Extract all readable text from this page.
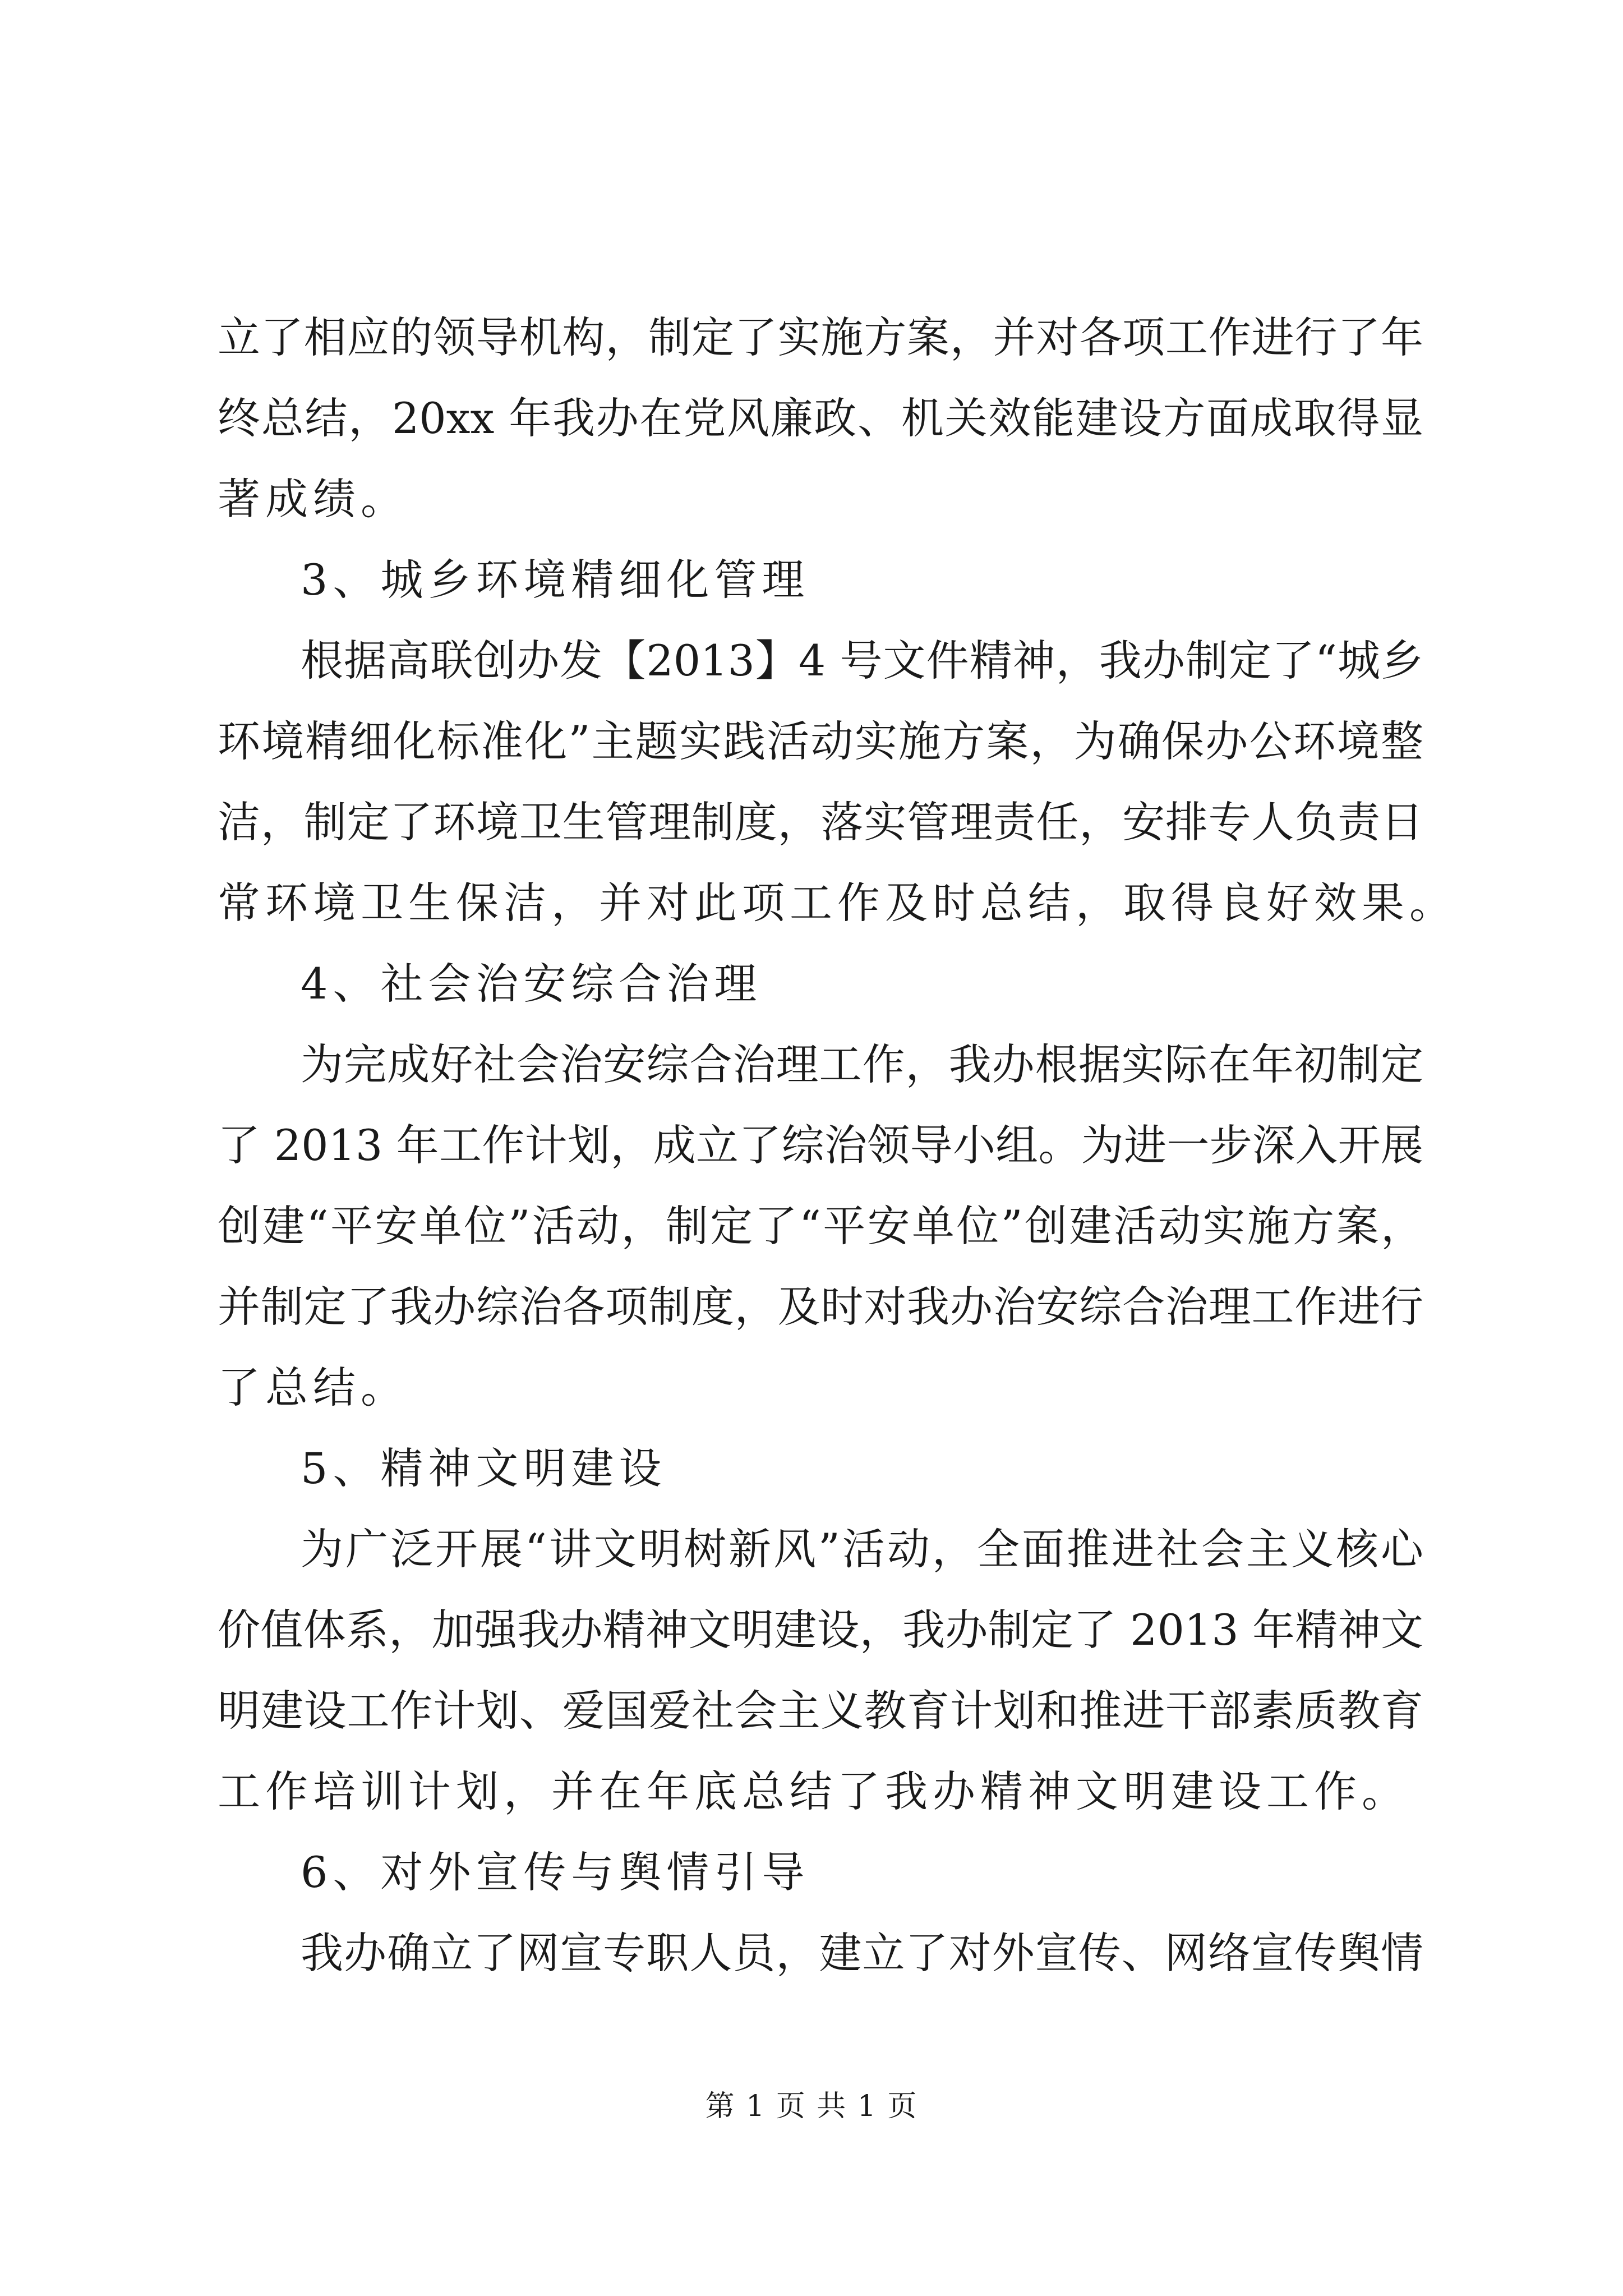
立了相应的领导机构，制定了实施方案，并对各项工作进行了年
终总结，20xx 年我办在党风廉政、机关效能建设方面成取得显
著成绩。
3、城乡环境精细化管理
根据高联创办发【2013】4 号文件精神，我办制定了“城乡
环境精细化标准化”主题实践活动实施方案，为确保办公环境整
洁，制定了环境卫生管理制度，落实管理责任，安排专人负责日
常环境卫生保洁，并对此项工作及时总结，取得良好效果。
4、社会治安综合治理
为完成好社会治安综合治理工作，我办根据实际在年初制定
了 2013 年工作计划，成立了综治领导小组。为进一步深入开展
创建“平安单位”活动，制定了“平安单位”创建活动实施方案，
并制定了我办综治各项制度，及时对我办治安综合治理工作进行
了总结。
5、精神文明建设
为广泛开展“讲文明树新风”活动，全面推进社会主义核心
价值体系，加强我办精神文明建设，我办制定了 2013 年精神文
明建设工作计划、爱国爱社会主义教育计划和推进干部素质教育
工作培训计划，并在年底总结了我办精神文明建设工作。
6、对外宣传与舆情引导
我办确立了网宣专职人员，建立了对外宣传、网络宣传舆情
第 1 页 共 1 页
